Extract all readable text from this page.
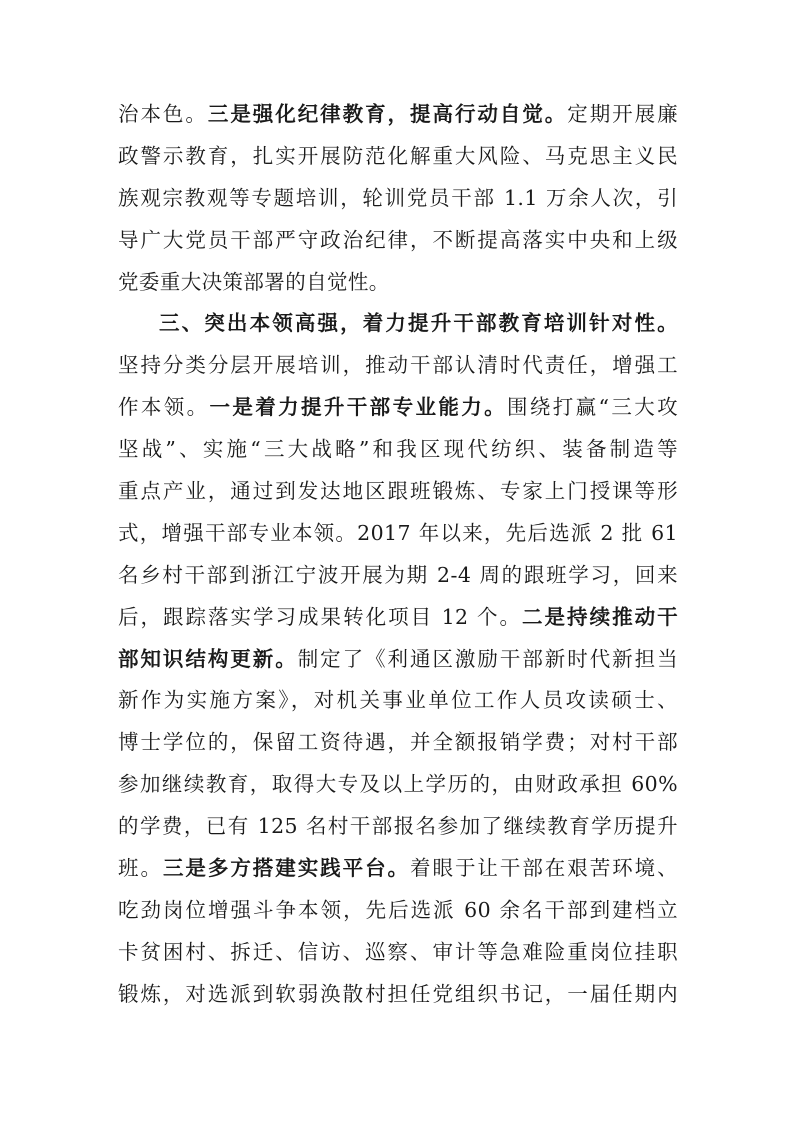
治本色。三是强化纪律教育，提高行动自觉。定期开展廉
政警示教育，扎实开展防范化解重大风险、马克思主义民
族观宗教观等专题培训，轮训党员干部 1.1 万余人次，引
导广大党员干部严守政治纪律，不断提高落实中央和上级
党委重大决策部署的自觉性。
三、突出本领高强，着力提升干部教育培训针对性。
坚持分类分层开展培训，推动干部认清时代责任，增强工
作本领。一是着力提升干部专业能力。围绕打赢“三大攻
坚战”、实施“三大战略”和我区现代纺织、装备制造等
重点产业，通过到发达地区跟班锻炼、专家上门授课等形
式，增强干部专业本领。2017 年以来，先后选派 2 批 61
名乡村干部到浙江宁波开展为期 2-4 周的跟班学习，回来
后，跟踪落实学习成果转化项目 12 个。二是持续推动干
部知识结构更新。制定了《利通区激励干部新时代新担当
新作为实施方案》，对机关事业单位工作人员攻读硕士、
博士学位的，保留工资待遇，并全额报销学费；对村干部
参加继续教育，取得大专及以上学历的，由财政承担 60%
的学费，已有 125 名村干部报名参加了继续教育学历提升
班。三是多方搭建实践平台。着眼于让干部在艰苦环境、
吃劲岗位增强斗争本领，先后选派 60 余名干部到建档立
卡贫困村、拆迁、信访、巡察、审计等急难险重岗位挂职
锻炼，对选派到软弱涣散村担任党组织书记，一届任期内
